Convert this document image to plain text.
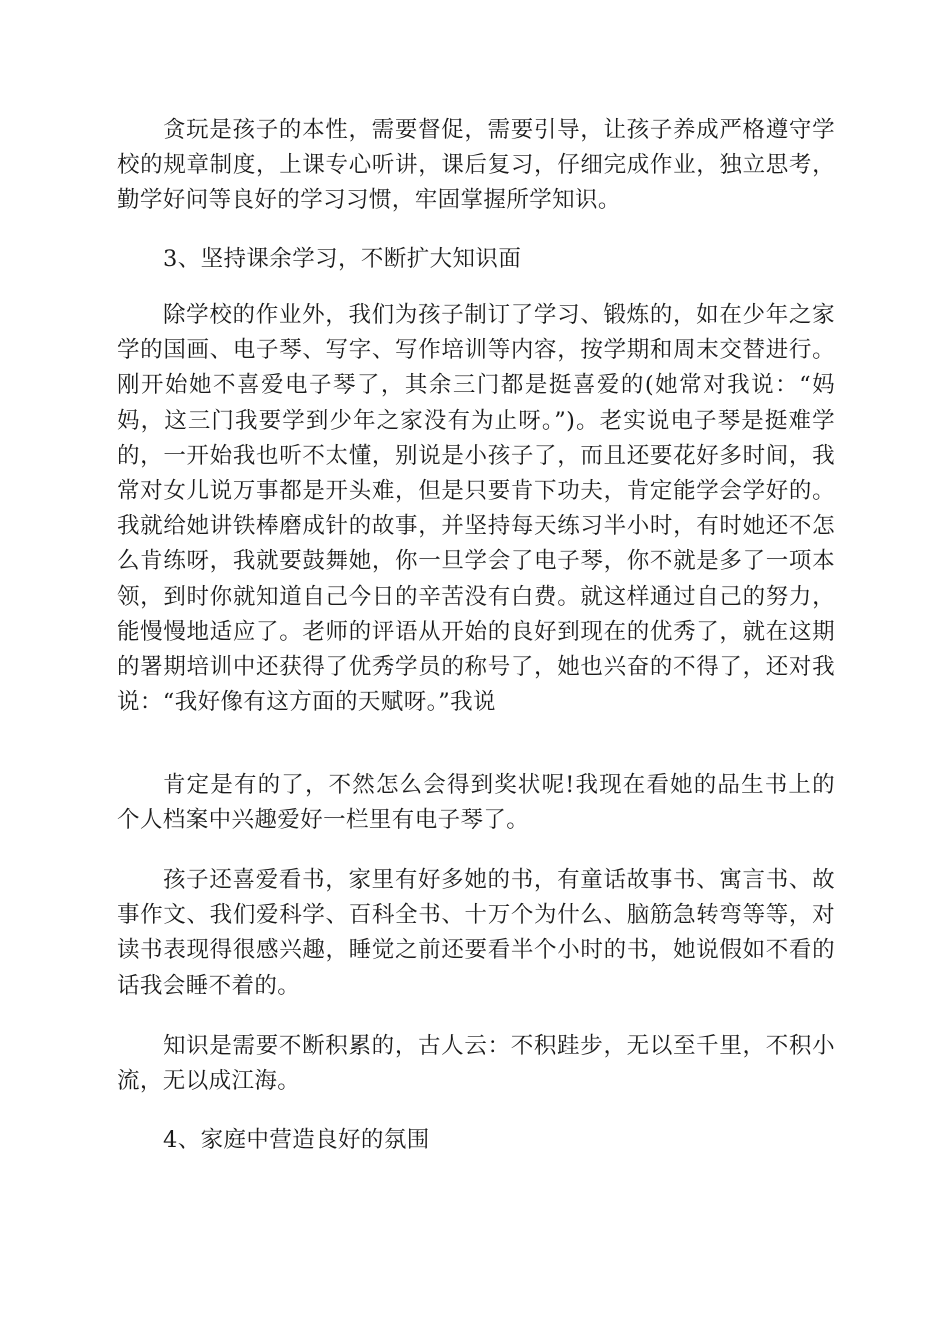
贪玩是孩子的本性，需要督促，需要引导，让孩子养成严格遵守学校的规章制度，上课专心听讲，课后复习，仔细完成作业，独立思考，勤学好问等良好的学习习惯，牢固掌握所学知识。

3、坚持课余学习，不断扩大知识面

除学校的作业外，我们为孩子制订了学习、锻炼的，如在少年之家学的国画、电子琴、写字、写作培训等内容，按学期和周末交替进行。刚开始她不喜爱电子琴了，其余三门都是挺喜爱的(她常对我说：“妈妈，这三门我要学到少年之家没有为止呀。”)。老实说电子琴是挺难学的，一开始我也听不太懂，别说是小孩子了，而且还要花好多时间，我常对女儿说万事都是开头难，但是只要肯下功夫，肯定能学会学好的。我就给她讲铁棒磨成针的故事，并坚持每天练习半小时，有时她还不怎么肯练呀，我就要鼓舞她，你一旦学会了电子琴，你不就是多了一项本领，到时你就知道自己今日的辛苦没有白费。就这样通过自己的努力，能慢慢地适应了。老师的评语从开始的良好到现在的优秀了，就在这期的署期培训中还获得了优秀学员的称号了，她也兴奋的不得了，还对我说：“我好像有这方面的天赋呀。”我说

肯定是有的了，不然怎么会得到奖状呢!我现在看她的品生书上的个人档案中兴趣爱好一栏里有电子琴了。

孩子还喜爱看书，家里有好多她的书，有童话故事书、寓言书、故事作文、我们爱科学、百科全书、十万个为什么、脑筋急转弯等等，对读书表现得很感兴趣，睡觉之前还要看半个小时的书，她说假如不看的话我会睡不着的。

知识是需要不断积累的，古人云：不积跬步，无以至千里，不积小流，无以成江海。

4、家庭中营造良好的氛围
